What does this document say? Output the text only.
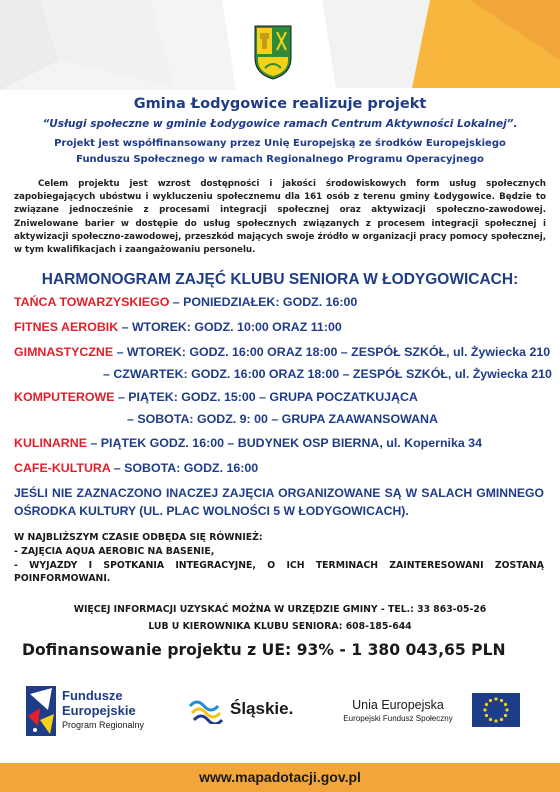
Gmina Łodygowice realizuje projekt
“Usługi społeczne w gminie Łodygowice ramach Centrum Aktywności Lokalnej”.
Projekt jest współfinansowany przez Unię Europejską ze środków Europejskiego
Funduszu Społecznego w ramach Regionalnego Programu Operacyjnego
Celem projektu jest wzrost dostępności i jakości środowiskowych form usług społecznych zapobiegających ubóstwu i wykluczeniu społecznemu dla 161 osób z terenu gminy Łodygowice. Będzie to związane jednocześnie z procesami integracji społecznej oraz aktywizacji społeczno-zawodowej. Zniwelowane barier w dostępie do usług społecznych związanych z procesem integracji społecznej i aktywizacji społeczno-zawodowej, przeszkód mających swoje źródło w organizacji pracy pomocy społecznej, w tym kwalifikacjach i zaangażowaniu personelu.
HARMONOGRAM ZAJĘĆ KLUBU SENIORA W ŁODYGOWICACH:
TAŃCA TOWARZYSKIEGO – PONIEDZIAŁEK: GODZ. 16:00
FITNES AEROBIK – WTOREK: GODZ. 10:00 ORAZ 11:00
GIMNASTYCZNE – WTOREK: GODZ. 16:00 ORAZ 18:00 – ZESPÓŁ SZKÓŁ, ul. Żywiecka 210
– CZWARTEK: GODZ. 16:00 ORAZ 18:00 – ZESPÓŁ SZKÓŁ, ul. Żywiecka 210
KOMPUTEROWE – PIĄTEK: GODZ. 15:00 – GRUPA POCZATKUJĄCA
– SOBOTA: GODZ. 9: 00 – GRUPA ZAAWANSOWANA
KULINARNE – PIĄTEK GODZ. 16:00 – BUDYNEK OSP BIERNA, ul. Kopernika 34
CAFE-KULTURA – SOBOTA: GODZ. 16:00
JEŚLI NIE ZAZNACZONO INACZEJ ZAJĘCIA ORGANIZOWANE SĄ W SALACH GMINNEGO OŚRODKA KULTURY (UL. PLAC WOLNOŚCI 5 W ŁODYGOWICACH).
W NAJBLIŻSZYM CZASIE ODBĘDA SIĘ RÓWNIEŻ:
- ZAJĘCIA AQUA AEROBIC NA BASENIE,
- WYJAZDY I SPOTKANIA INTEGRACYJNE, O ICH TERMINACH ZAINTERESOWANI ZOSTANĄ POINFORMOWANI.
WIĘCEJ INFORMACJI UZYSKAĆ MOŻNA W URZĘDZIE GMINY - TEL.: 33 863-05-26
LUB U KIEROWNIKA KLUBU SENIORA: 608-185-644
Dofinansowanie projektu z UE: 93% - 1 380 043,65 PLN
Fundusze
Europejskie
Program Regionalny
Śląskie.	Unia Europejska
Europejski Fundusz Społeczny
www.mapadotacji.gov.pl
